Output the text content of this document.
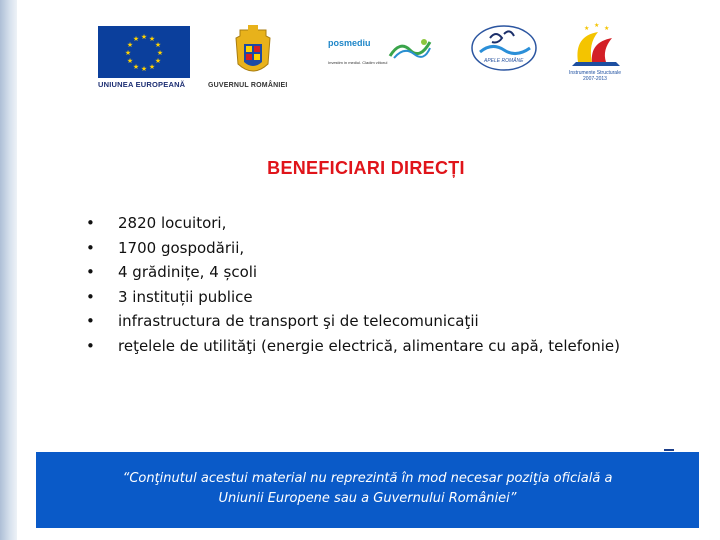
★ ★
★
★
★
★
★
★
★
★
★
★
UNIUNEA EUROPEANĂ	GUVERNUL ROMÂNIEI
posmediu
Investim in mediul. Cladim viitorul	APELE ROMÂNE
★ ★ ★
Instrumente Structurale
2007-2013
BENEFICIARI DIRECȚI
• 2820 locuitori,
• 1700 gospodării,
• 4 grădinițe, 4 școli
• 3 instituții publice
• infrastructura de transport şi de telecomunicaţii
• reţelele de utilităţi (energie electrică, alimentare cu apă, telefonie)
“Conţinutul acestui material nu reprezintă în mod necesar poziţia oficială a
Uniunii Europene sau a Guvernului României”
